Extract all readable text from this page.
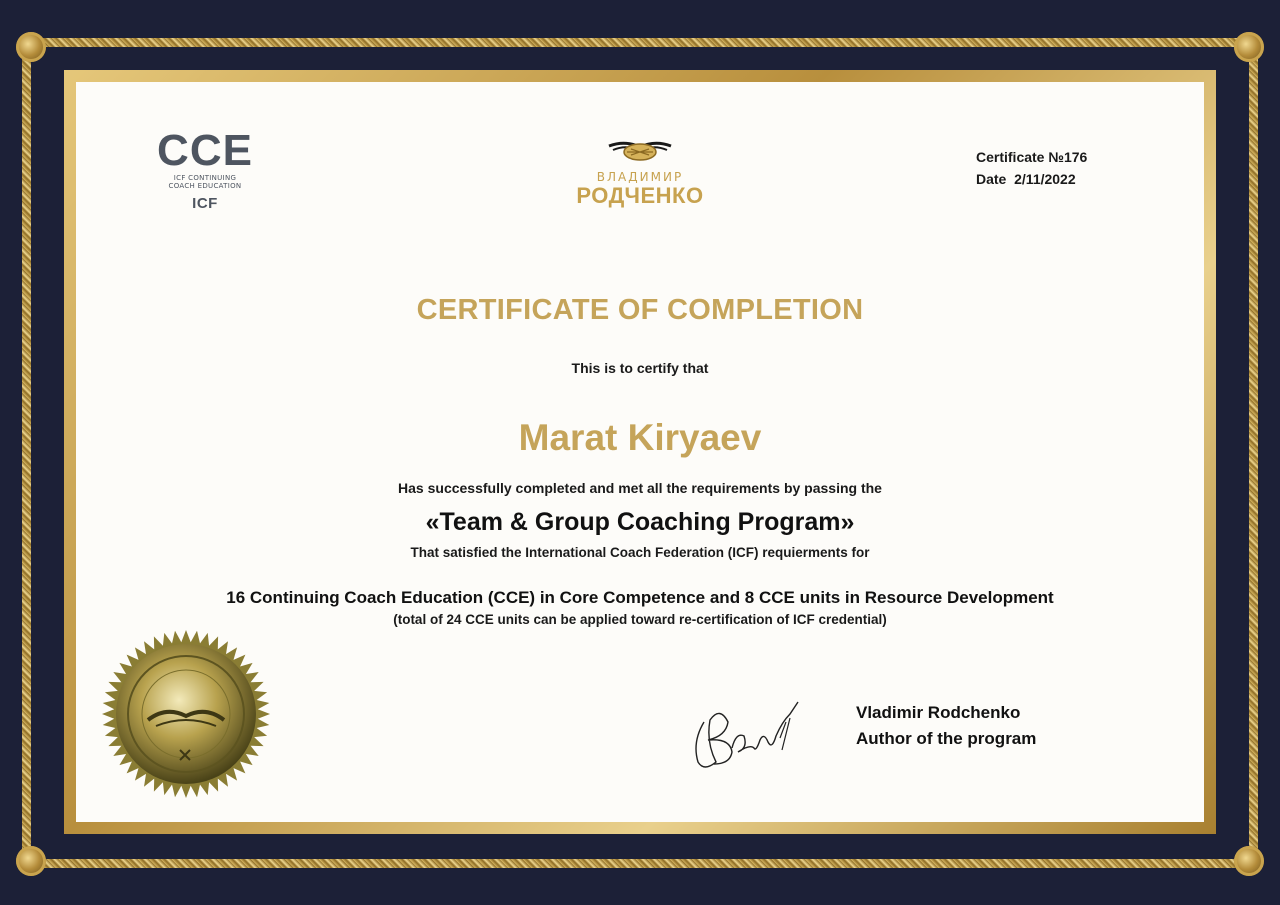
CCE
ICF CONTINUING
COACH EDUCATION
ICF
ВЛАДИМИР
РОДЧЕНКО
Certificate №176
Date  2/11/2022
CERTIFICATE OF COMPLETION
This is to certify that
Marat Kiryaev
Has successfully completed and met all the requirements by passing the
«Team & Group Coaching Program»
That satisfied the International Coach Federation (ICF) requierments for
16 Continuing Coach Education (CCE) in Core Competence and 8 CCE units in Resource Development
(total of 24 CCE units can be applied toward re-certification of ICF credential)
Vladimir Rodchenko
Author of the program
